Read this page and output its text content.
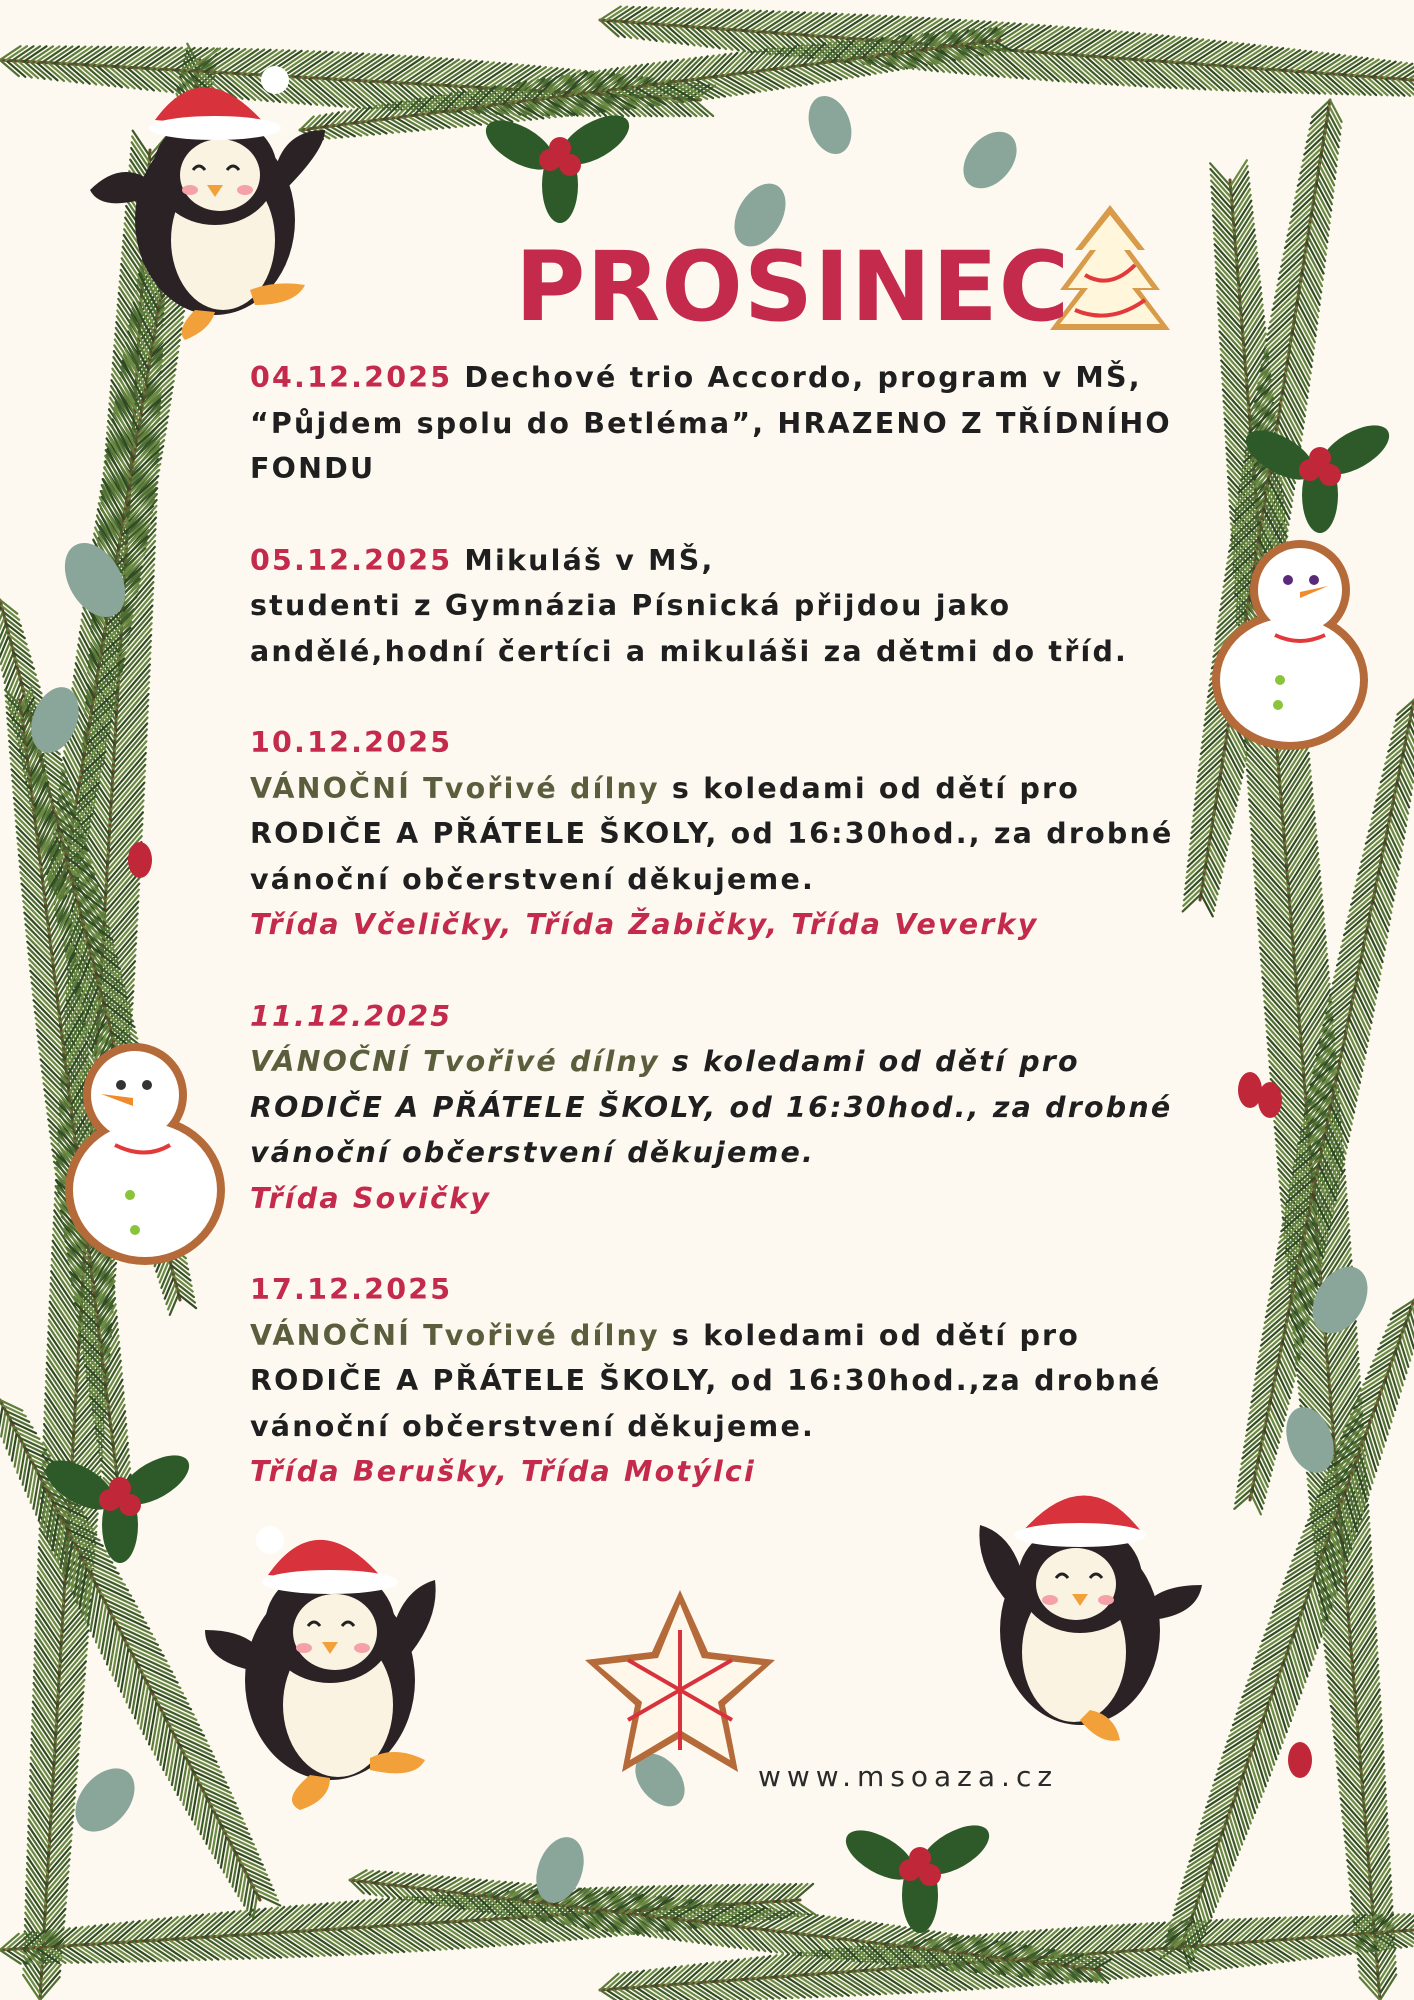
PROSINEC

04.12.2025 Dechové trio Accordo, program v MŠ,

“Půjdem spolu do Betléma”, HRAZENO Z TŘÍDNÍHO

FONDU

05.12.2025 Mikuláš v MŠ,

studenti z Gymnázia Písnická přijdou jako

andělé,hodní čertíci a mikuláši za dětmi do tříd.

10.12.2025

VÁNOČNÍ Tvořivé dílny s koledami od dětí pro

RODIČE A PŘÁTELE ŠKOLY, od 16:30hod., za drobné

vánoční občerstvení děkujeme.

Třída Včeličky, Třída Žabičky, Třída Veverky

11.12.2025

VÁNOČNÍ Tvořivé dílny s koledami od dětí pro

RODIČE A PŘÁTELE ŠKOLY, od 16:30hod., za drobné

vánoční občerstvení děkujeme.

Třída Sovičky

17.12.2025

VÁNOČNÍ Tvořivé dílny s koledami od dětí pro

RODIČE A PŘÁTELE ŠKOLY, od 16:30hod.,za drobné

vánoční občerstvení děkujeme.

Třída Berušky, Třída Motýlci

www.msoaza.cz
